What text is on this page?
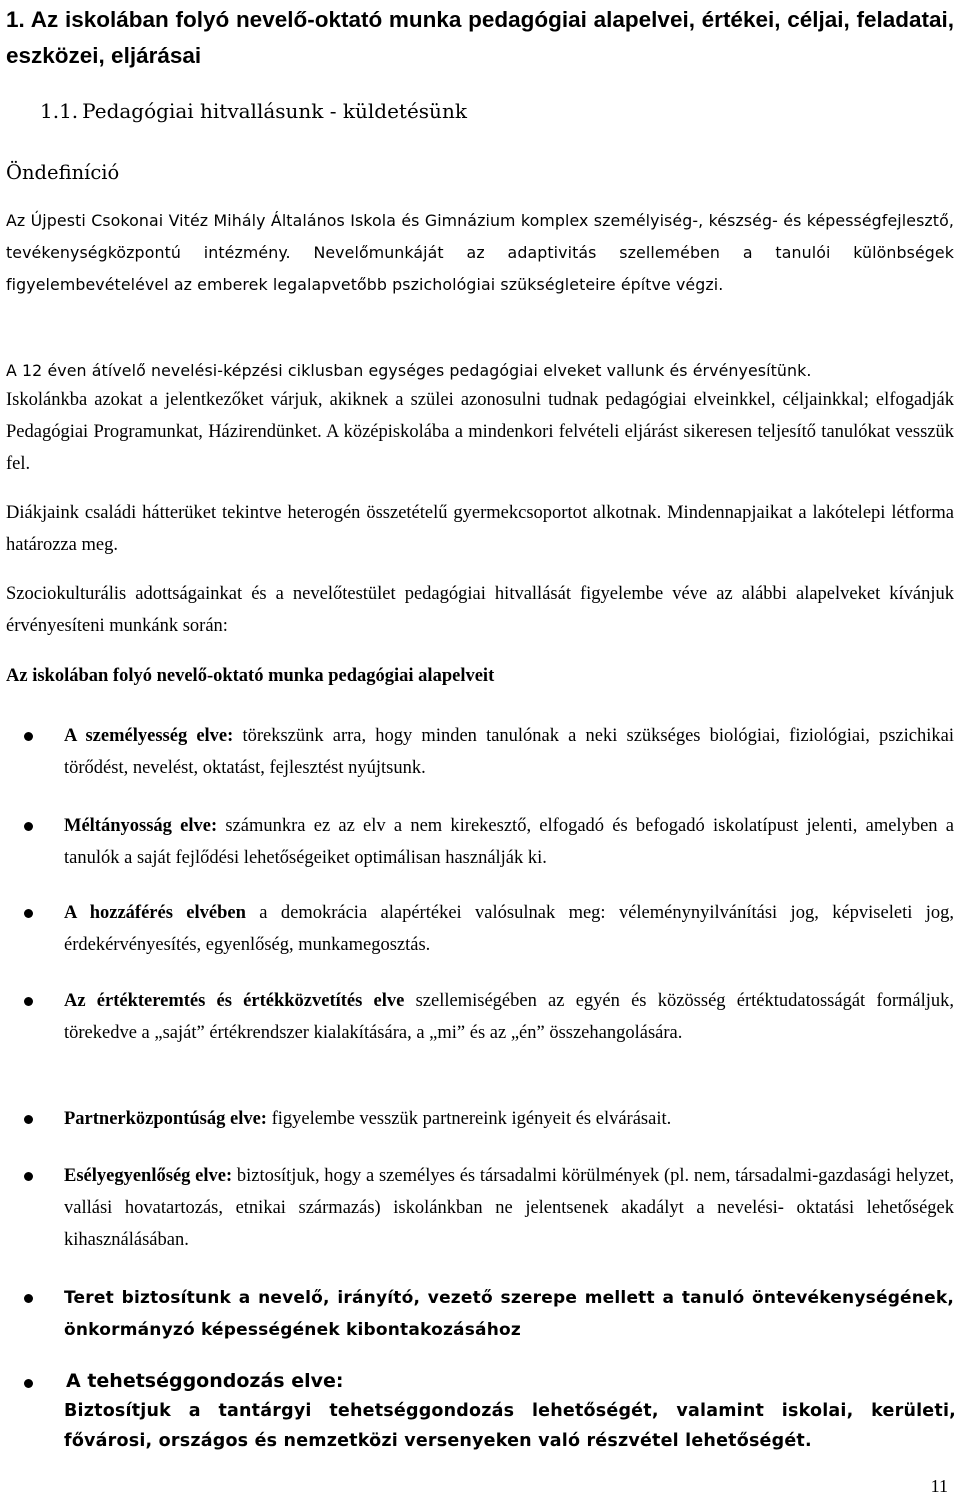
1. Az iskolában folyó nevelő-oktató munka pedagógiai alapelvei, értékei, céljai, feladatai, eszközei, eljárásai
1.1. Pedagógiai hitvallásunk - küldetésünk
Öndefiníció

Az Újpesti Csokonai Vitéz Mihály Általános Iskola és Gimnázium komplex személyiség-, készség- és képességfejlesztő, tevékenységközpontú intézmény. Nevelőmunkáját az adaptivitás szellemében a tanulói különbségek figyelembevételével az emberek legalapvetőbb pszichológiai szükségleteire építve végzi.

A 12 éven átívelő nevelési-képzési ciklusban egységes pedagógiai elveket vallunk és érvényesítünk.

Iskolánkba azokat a jelentkezőket várjuk, akiknek a szülei azonosulni tudnak pedagógiai elveinkkel, céljainkkal; elfogadják Pedagógiai Programunkat, Házirendünket. A középiskolába a mindenkori felvételi eljárást sikeresen teljesítő tanulókat vesszük fel.

Diákjaink családi hátterüket tekintve heterogén összetételű gyermekcsoportot alkotnak. Mindennapjaikat a lakótelepi létforma határozza meg.

Szociokulturális adottságainkat és a nevelőtestület pedagógiai hitvallását figyelembe véve az alábbi alapelveket kívánjuk érvényesíteni munkánk során:

Az iskolában folyó nevelő-oktató munka pedagógiai alapelveit
A személyesség elve: törekszünk arra, hogy minden tanulónak a neki szükséges biológiai, fiziológiai, pszichikai törődést, nevelést, oktatást, fejlesztést nyújtsunk.
Méltányosság elve: számunkra ez az elv a nem kirekesztő, elfogadó és befogadó iskolatípust jelenti, amelyben a tanulók a saját fejlődési lehetőségeiket optimálisan használják ki.
A hozzáférés elvében a demokrácia alapértékei valósulnak meg: véleménynyilvánítási jog, képviseleti jog, érdekérvényesítés, egyenlőség, munkamegosztás.
Az értékteremtés és értékközvetítés elve szellemiségében az egyén és közösség értéktudatosságát formáljuk, törekedve a „saját” értékrendszer kialakítására, a „mi” és az „én” összehangolására.
Partnerközpontúság elve: figyelembe vesszük partnereink igényeit és elvárásait.
Esélyegyenlőség elve: biztosítjuk, hogy a személyes és társadalmi körülmények (pl. nem, társadalmi-gazdasági helyzet, vallási hovatartozás, etnikai származás) iskolánkban ne jelentsenek akadályt a nevelési- oktatási lehetőségek kihasználásában.
Teret biztosítunk a nevelő, irányító, vezető szerepe mellett a tanuló öntevékenységének, önkormányzó képességének kibontakozásához
A tehetséggondozás elve:
Biztosítjuk a tantárgyi tehetséggondozás lehetőségét, valamint iskolai, kerületi, fővárosi, országos és nemzetközi versenyeken való részvétel lehetőségét.
11
